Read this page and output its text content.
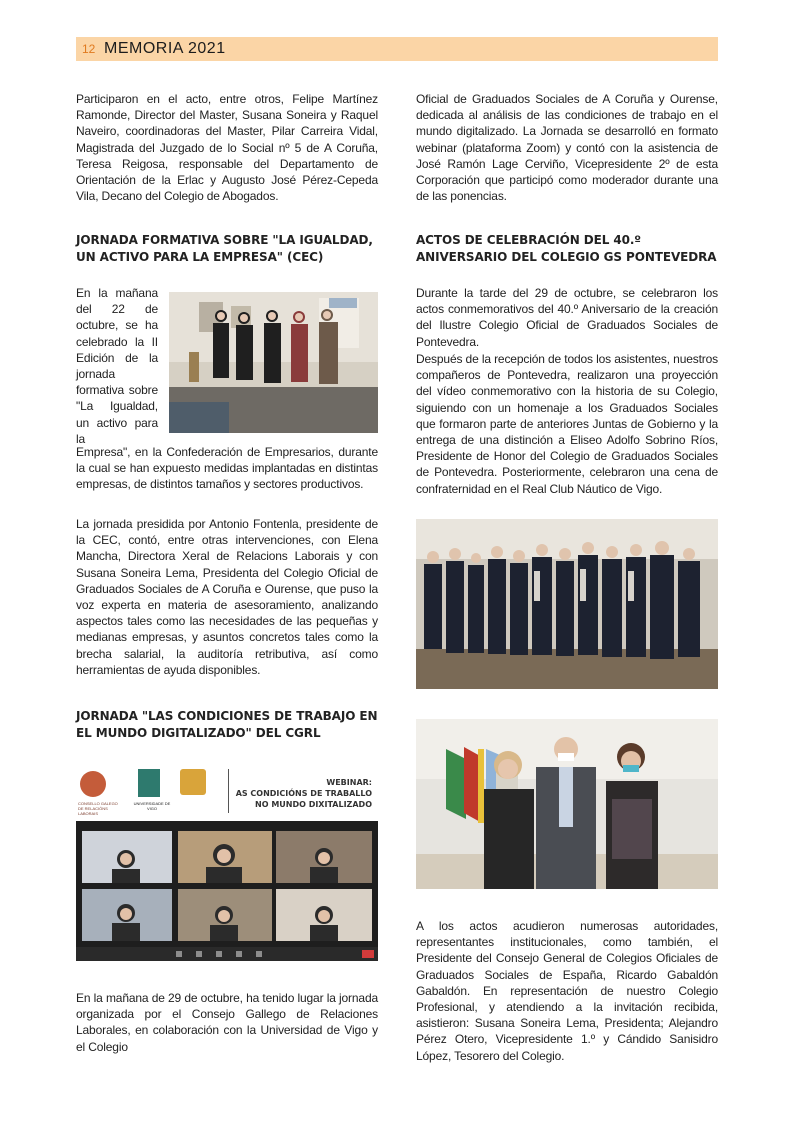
12 MEMORIA 2021

Participaron en el acto, entre otros, Felipe Martínez Ramonde, Director del Master, Susana Soneira y Raquel Naveiro, coordinadoras del Master, Pilar Carreira Vidal, Magistrada del Juzgado de lo Social nº 5 de A Coruña, Teresa Reigosa, responsable del Departamento de Orientación de la Erlac y Augusto José Pérez-Cepeda Vila, Decano del Colegio de Abogados.

JORNADA FORMATIVA SOBRE "LA IGUALDAD, UN ACTIVO PARA LA EMPRESA" (CEC)

En la mañana del 22 de octubre, se ha celebrado la II Edición de la jornada formativa sobre "La Igualdad, un activo para la

Empresa", en la Confederación de Empresarios, durante la cual se han expuesto medidas implantadas en distintas empresas, de distintos tamaños y sectores productivos.

La jornada presidida por Antonio Fontenla, presidente de la CEC, contó, entre otras intervenciones, con Elena Mancha, Directora Xeral de Relacions Laborais y con Susana Soneira Lema, Presidenta del Colegio Oficial de Graduados Sociales de A Coruña e Ourense, que puso la voz experta en materia de asesoramiento, analizando aspectos tales como las necesidades de las pequeñas y medianas empresas, y asuntos concretos tales como la brecha salarial, la auditoría retributiva, así como herramientas de ayuda disponibles.

JORNADA "LAS CONDICIONES DE TRABAJO EN EL MUNDO DIGITALIZADO" DEL CGRL
CONSELLO GALEGO DE RELACIÓNS LABORAIS
UNIVERSIDADE DE VIGO
WEBINAR:
AS CONDICIÓNS DE TRABALLO
NO MUNDO DIXITALIZADO

En la mañana de 29 de octubre, ha tenido lugar la jornada organizada por el Consejo Gallego de Relaciones Laborales, en colaboración con la Universidad de Vigo y el Colegio

Oficial de Graduados Sociales de A Coruña y Ourense, dedicada al análisis de las condiciones de trabajo en el mundo digitalizado. La Jornada se desarrolló en formato webinar (plataforma Zoom) y contó con la asistencia de José Ramón Lage Cerviño, Vicepresidente 2º de esta Corporación que participó como moderador durante una de las ponencias.

ACTOS DE CELEBRACIÓN DEL 40.º ANIVERSARIO DEL COLEGIO GS PONTEVEDRA

Durante la tarde del 29 de octubre, se celebraron los actos conmemorativos del 40.º Aniversario de la creación del Ilustre Colegio Oficial de Graduados Sociales de Pontevedra.

Después de la recepción de todos los asistentes, nuestros compañeros de Pontevedra, realizaron una proyección del vídeo conmemorativo con la historia de su Colegio, siguiendo con un homenaje a los Graduados Sociales que formaron parte de anteriores Juntas de Gobierno y la entrega de una distinción a Eliseo Adolfo Sobrino Ríos, Presidente de Honor del Colegio de Graduados Sociales de Pontevedra. Posteriormente, celebraron una cena de confraternidad en el Real Club Náutico de Vigo.

A los actos acudieron numerosas autoridades, representantes institucionales, como también, el Presidente del Consejo General de Colegios Oficiales de Graduados Sociales de España, Ricardo Gabaldón Gabaldón. En representación de nuestro Colegio Profesional, y atendiendo a la invitación recibida, asistieron: Susana Soneira Lema, Presidenta; Alejandro Pérez Otero, Vicepresidente 1.º y Cándido Sanisidro López, Tesorero del Colegio.
